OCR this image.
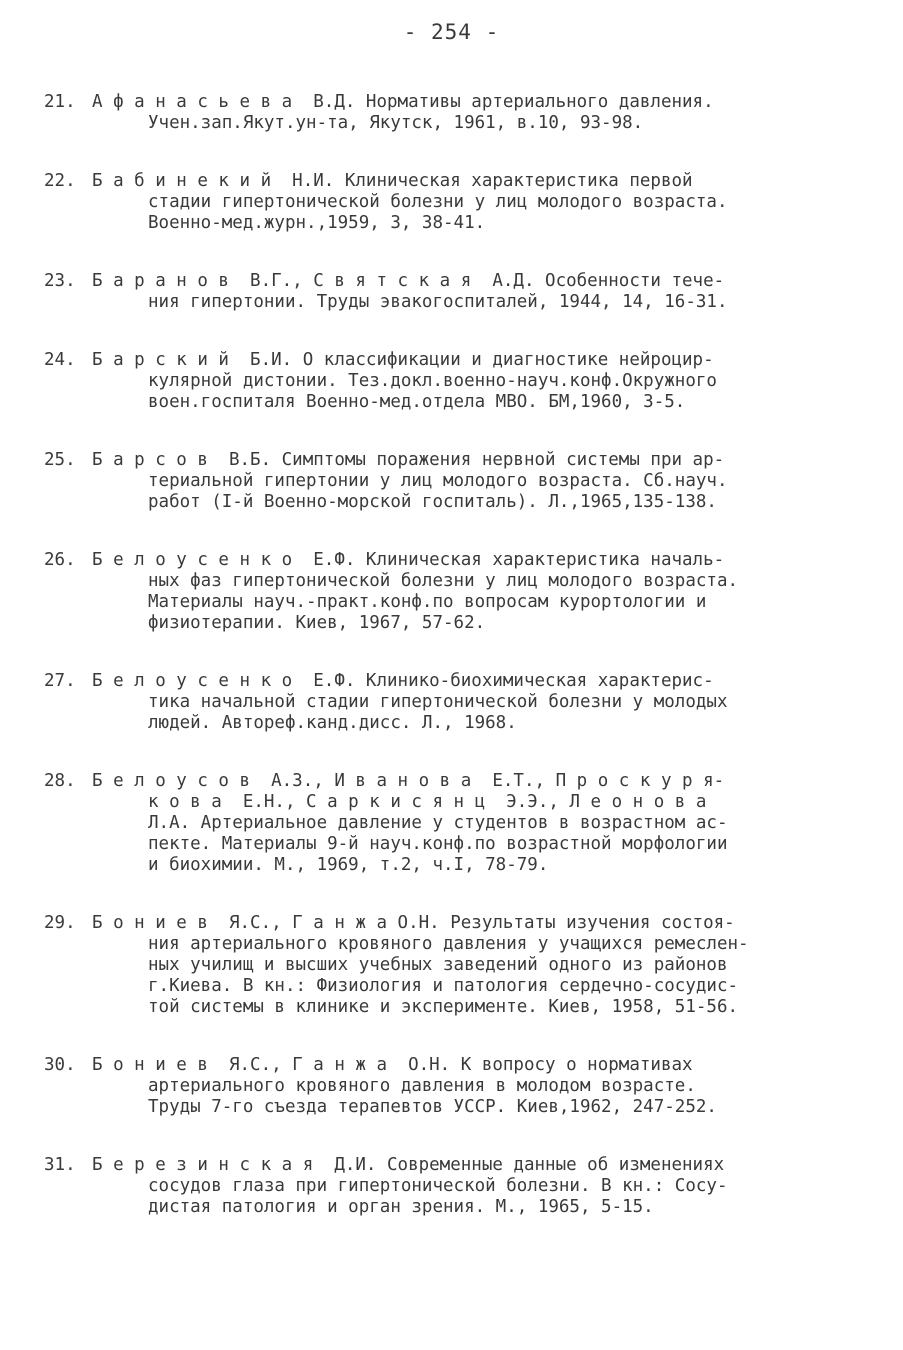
- 254 -
21. А ф а н а с ь е в а  В.Д. Нормативы артериального давления.
Учен.зап.Якут.ун-та, Якутск, 1961, в.10, 93-98.
22. Б а б и н е к и й  Н.И. Клиническая характеристика первой
стадии гипертонической болезни у лиц молодого возраста.
Военно-мед.журн.,1959, 3, 38-41.
23. Б а р а н о в  В.Г., С в я т с к а я  А.Д. Особенности тече-
ния гипертонии. Труды эвакогоспиталей, 1944, 14, 16-31.
24. Б а р с к и й  Б.И. О классификации и диагностике нейроцир-
куляpной дистонии. Тез.докл.военно-науч.конф.Окружного
воен.госпиталя Военно-мед.отдела МВО. БМ,1960, 3-5.
25. Б а р с о в  В.Б. Симптомы поражения нервной системы при ар-
териальной гипертонии у лиц молодого возраста. Сб.науч.
работ (I-й Военно-морской госпиталь). Л.,1965,135-138.
26. Б е л о у с е н к о  Е.Ф. Клиническая характеристика началь-
ных фаз гипертонической болезни у лиц молодого возраста.
Материалы науч.-практ.конф.по вопросам курортологии и
физиотерапии. Киев, 1967, 57-62.
27. Б е л о у с е н к о  Е.Ф. Клинико-биохимическая характерис-
тика начальной стадии гипертонической болезни у молодых
людей. Автореф.канд.дисс. Л., 1968.
28. Б е л о у с о в  А.З., И в а н о в а  Е.Т., П р о с к у р я-
к о в а  Е.Н., С а р к и с я н ц  Э.Э., Л е о н о в а
Л.А. Артериальное давление у студентов в возрастном ас-
пекте. Материалы 9-й науч.конф.по возрастной морфологии
и биохимии. М., 1969, т.2, ч.I, 78-79.
29. Б о н и е в  Я.С., Г а н ж а О.Н. Результаты изучения состоя-
ния артериального кровяного давления у учащихся ремеслен-
ных училищ и высших учебных заведений одного из районов
г.Киева. В кн.: Физиология и патология сердечно-сосудис-
той системы в клинике и эксперименте. Киев, 1958, 51-56.
30. Б о н и е в  Я.С., Г а н ж а  О.Н. К вопросу о нормативах
артериального кровяного давления в молодом возрасте.
Труды 7-го съезда терапевтов УССР. Киев,1962, 247-252.
31. Б е р е з и н с к а я  Д.И. Современные данные об изменениях
сосудов глаза при гипертонической болезни. В кн.: Сосу-
дистая патология и орган зрения. М., 1965, 5-15.
